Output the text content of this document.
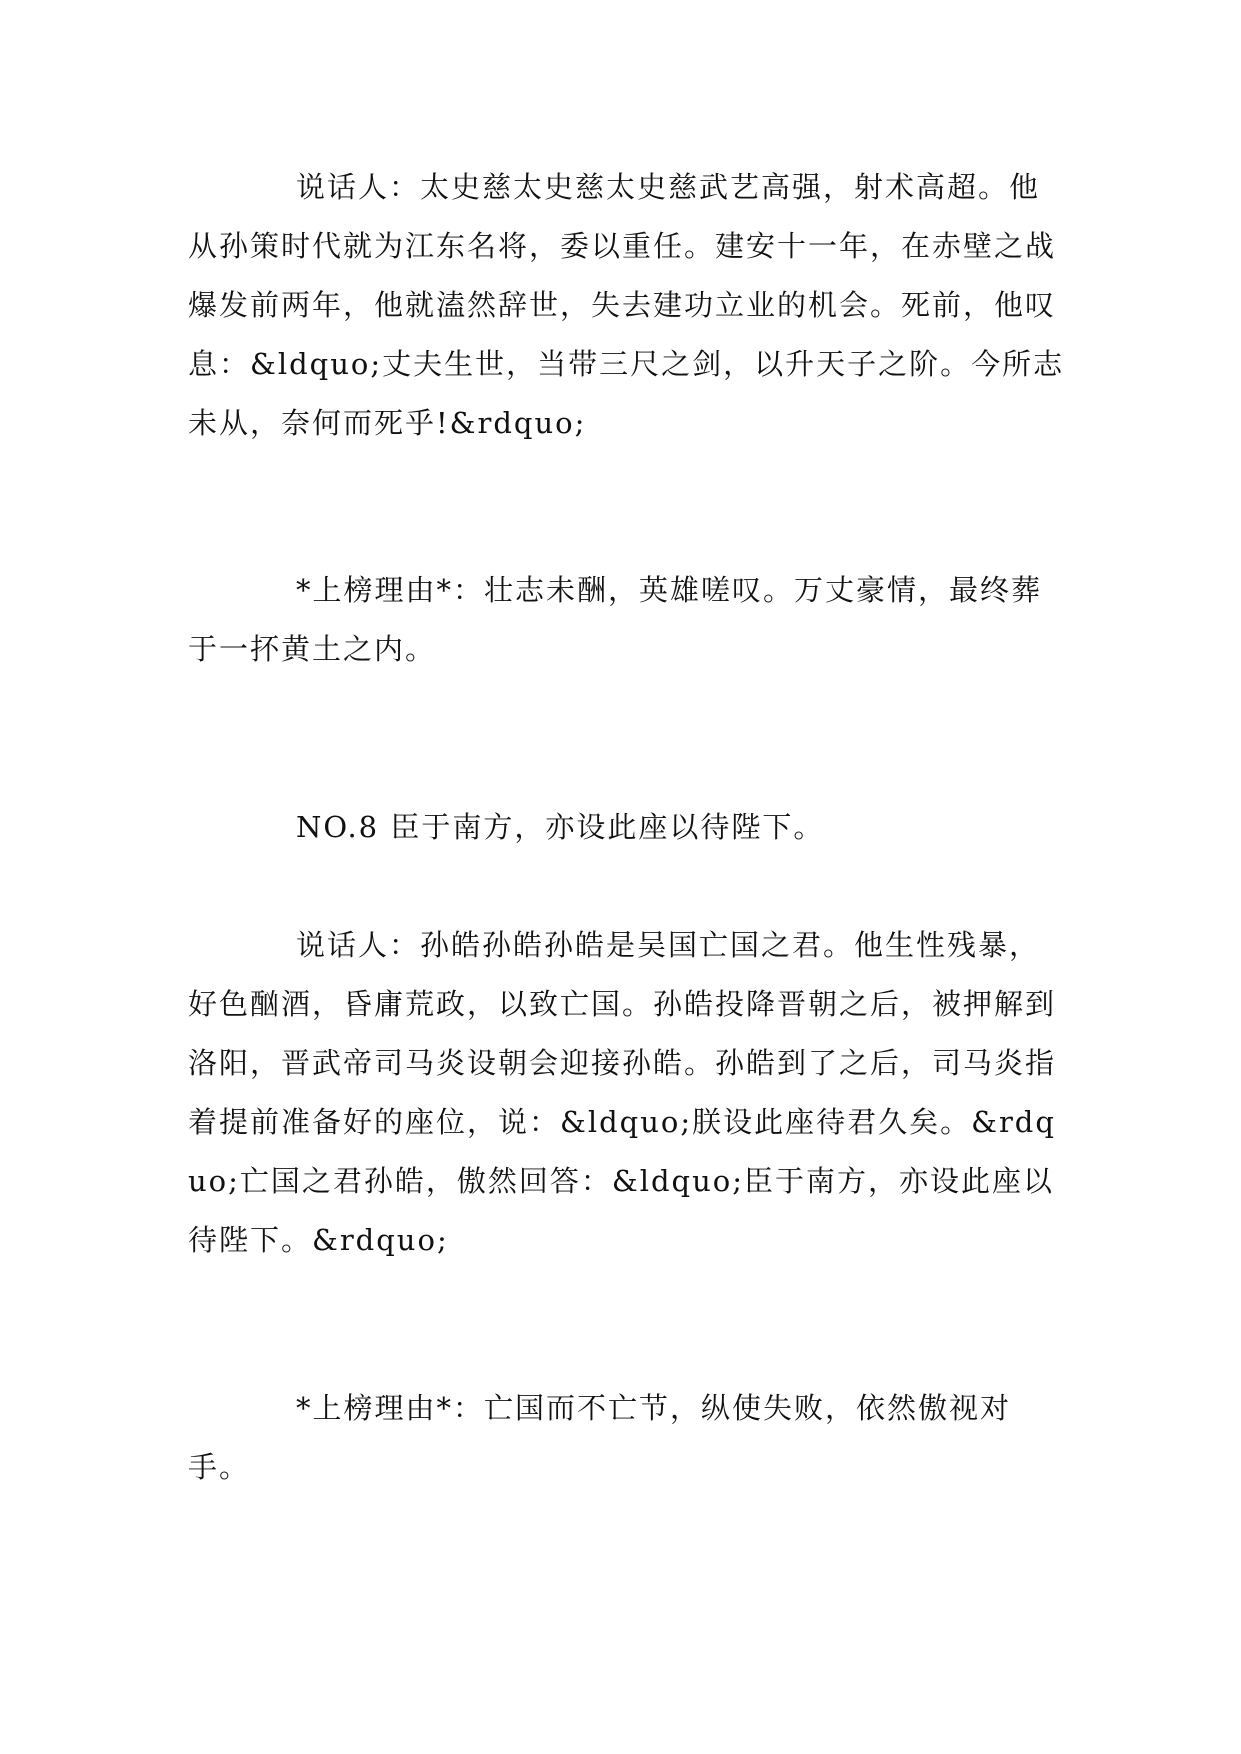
说话人：太史慈太史慈太史慈武艺高强，射术高超。他从孙策时代就为江东名将，委以重任。建安十一年，在赤壁之战爆发前两年，他就溘然辞世，失去建功立业的机会。死前，他叹息：&ldquo;丈夫生世，当带三尺之剑，以升天子之阶。今所志未从，奈何而死乎!&rdquo;

*上榜理由*：壮志未酬，英雄嗟叹。万丈豪情，最终葬于一抔黄土之内。

NO.8 臣于南方，亦设此座以待陛下。

说话人：孙皓孙皓孙皓是吴国亡国之君。他生性残暴，好色酗酒，昏庸荒政，以致亡国。孙皓投降晋朝之后，被押解到洛阳，晋武帝司马炎设朝会迎接孙皓。孙皓到了之后，司马炎指着提前准备好的座位，说：&ldquo;朕设此座待君久矣。&rdquo;亡国之君孙皓，傲然回答：&ldquo;臣于南方，亦设此座以待陛下。&rdquo;

*上榜理由*：亡国而不亡节，纵使失败，依然傲视对手。
